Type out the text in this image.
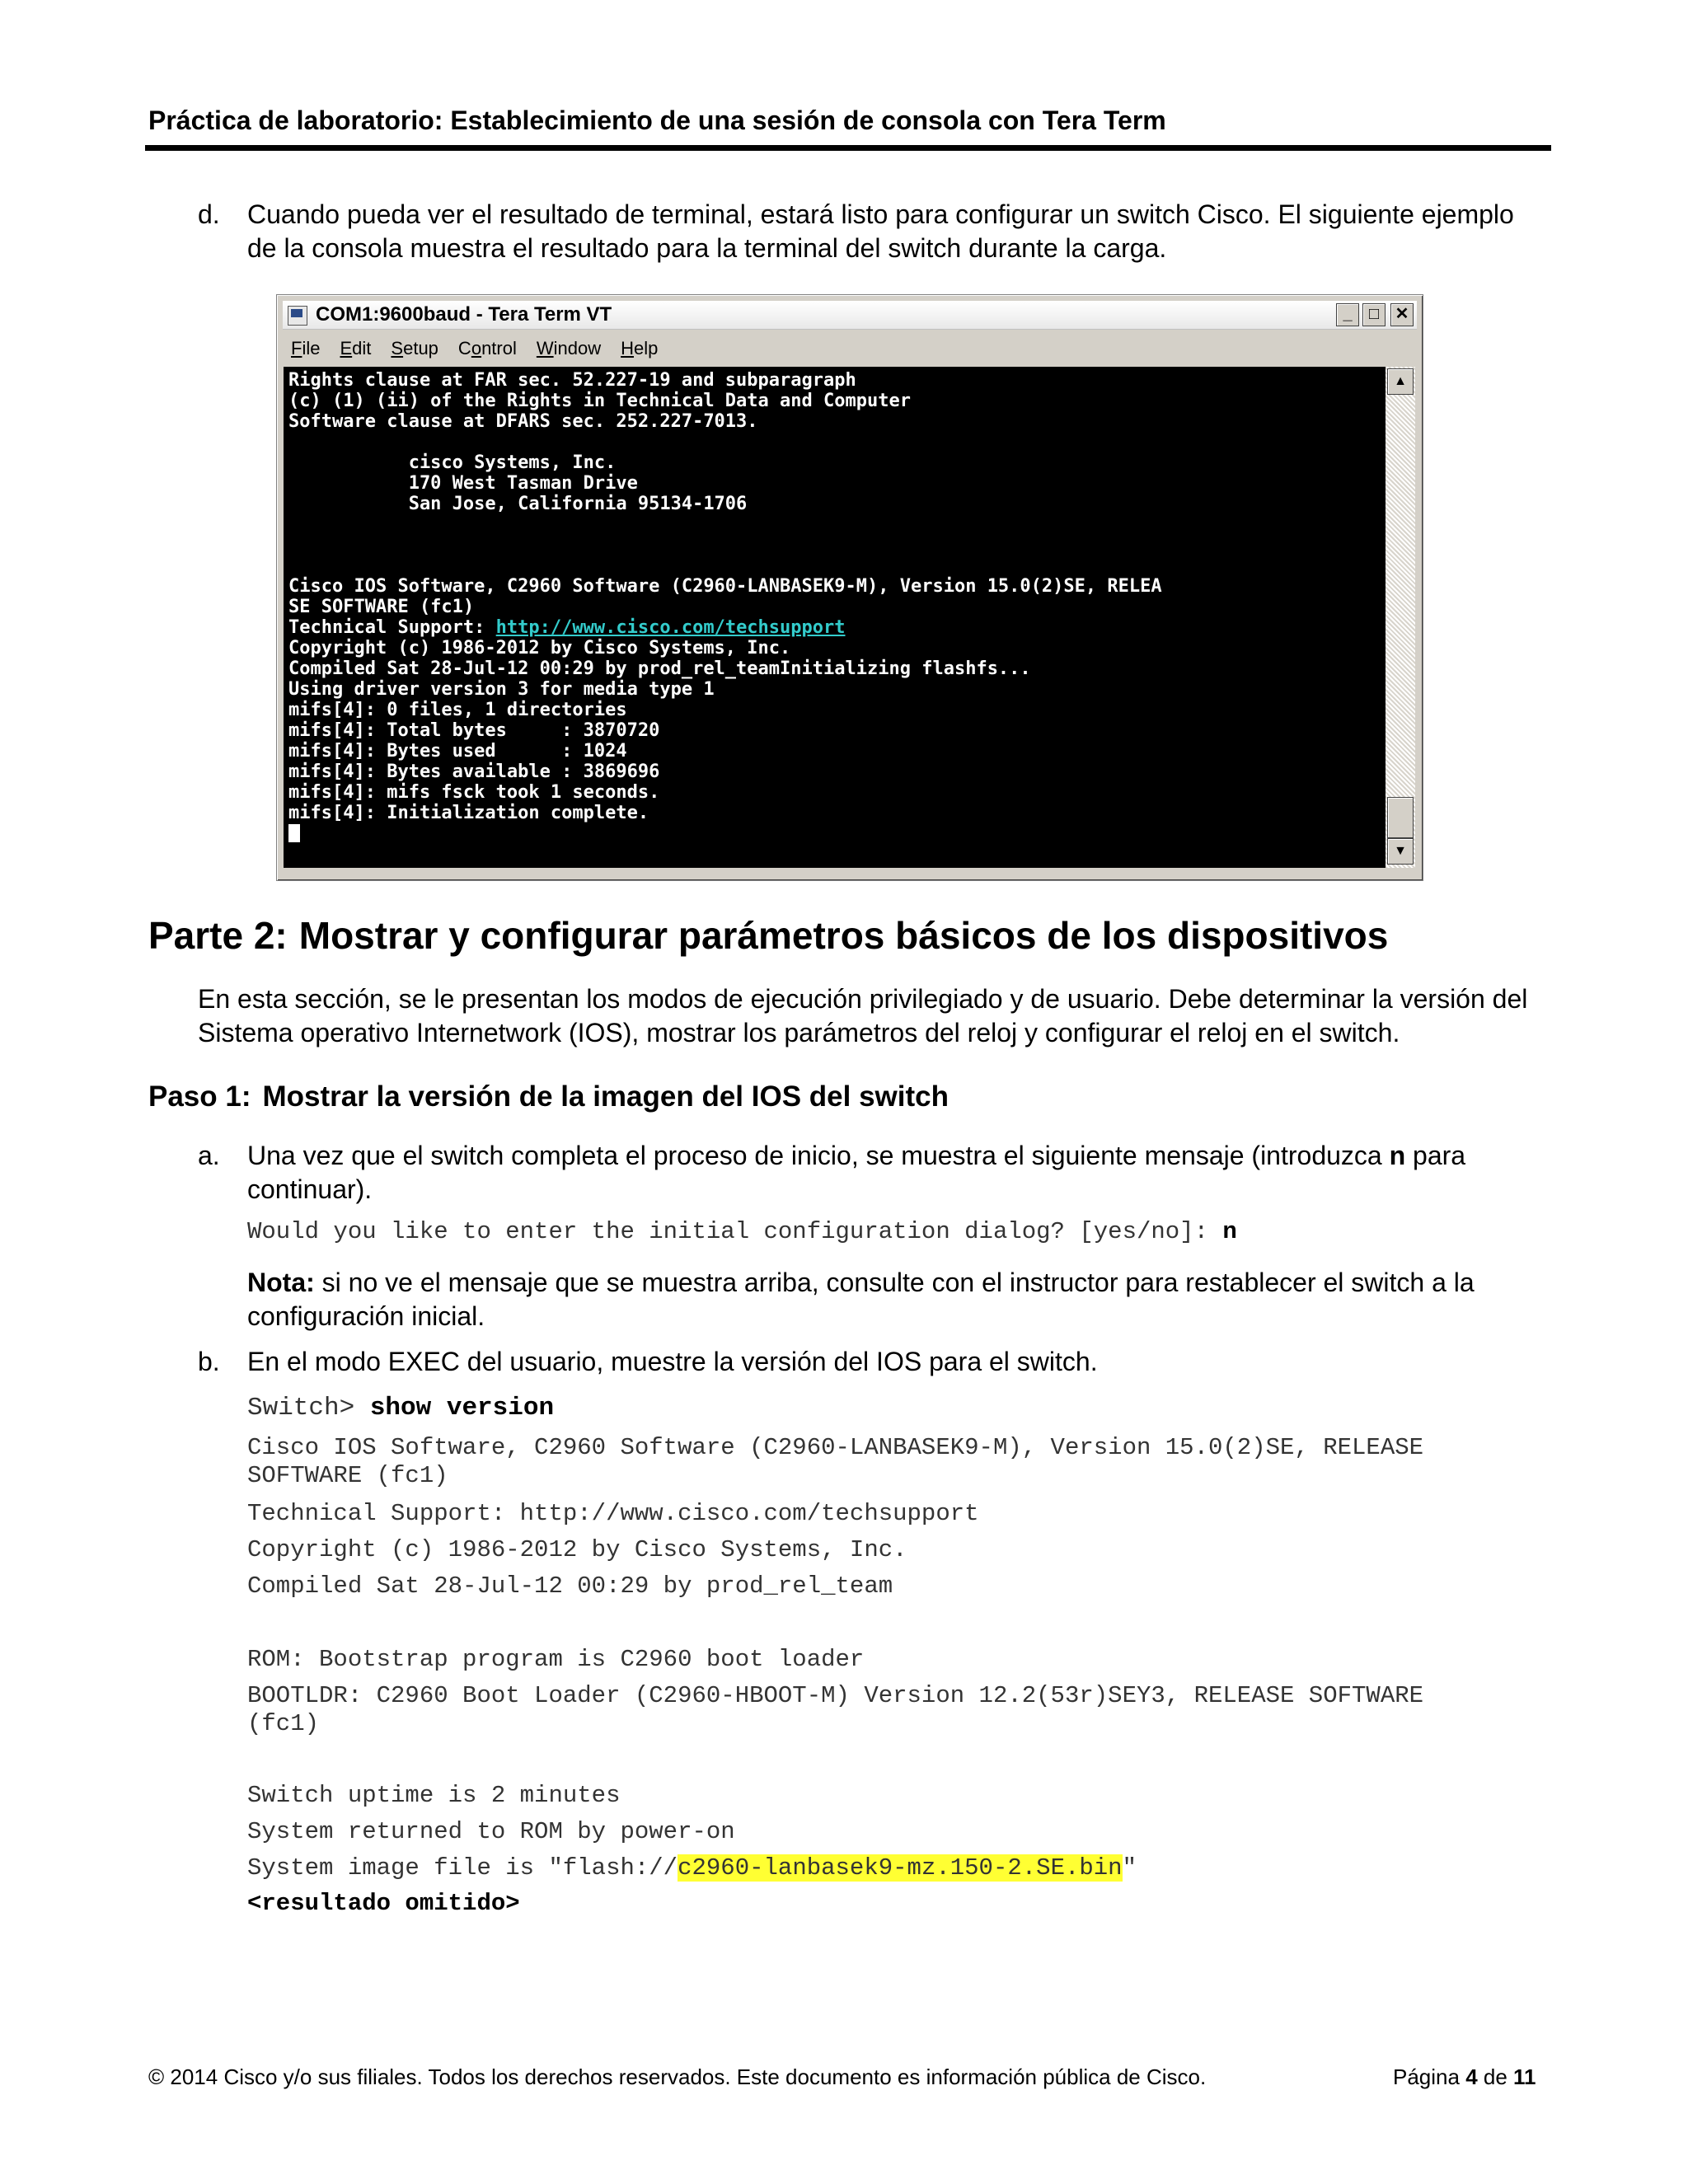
Práctica de laboratorio: Establecimiento de una sesión de consola con Tera Term
d. Cuando pueda ver el resultado de terminal, estará listo para configurar un switch Cisco. El siguiente ejemplo de la consola muestra el resultado para la terminal del switch durante la carga.
COM1:9600baud - Tera Term VT	_	□ ✕
File Edit Setup Control Window Help
Rights clause at FAR sec. 52.227-19 and subparagraph
(c) (1) (ii) of the Rights in Technical Data and Computer
Software clause at DFARS sec. 252.227-7013.

cisco Systems, Inc.
170 West Tasman Drive
San Jose, California 95134-1706

Cisco IOS Software, C2960 Software (C2960-LANBASEK9-M), Version 15.0(2)SE, RELEA
SE SOFTWARE (fc1)
Technical Support: http://www.cisco.com/techsupport
Copyright (c) 1986-2012 by Cisco Systems, Inc.
Compiled Sat 28-Jul-12 00:29 by prod_rel_teamInitializing flashfs...
Using driver version 3 for media type 1
mifs[4]: 0 files, 1 directories
mifs[4]: Total bytes     : 3870720
mifs[4]: Bytes used      : 1024
mifs[4]: Bytes available : 3869696
mifs[4]: mifs fsck took 1 seconds.
mifs[4]: Initialization complete.

▲
▼
Parte 2: Mostrar y configurar parámetros básicos de los dispositivos
En esta sección, se le presentan los modos de ejecución privilegiado y de usuario. Debe determinar la versión del Sistema operativo Internetwork (IOS), mostrar los parámetros del reloj y configurar el reloj en el switch.
Paso 1: Mostrar la versión de la imagen del IOS del switch
a. Una vez que el switch completa el proceso de inicio, se muestra el siguiente mensaje (introduzca n para continuar).
Would you like to enter the initial configuration dialog? [yes/no]: n
Nota: si no ve el mensaje que se muestra arriba, consulte con el instructor para restablecer el switch a la configuración inicial.
b. En el modo EXEC del usuario, muestre la versión del IOS para el switch.
Switch> show version
Cisco IOS Software, C2960 Software (C2960-LANBASEK9-M), Version 15.0(2)SE, RELEASE
SOFTWARE (fc1)
Technical Support: http://www.cisco.com/techsupport
Copyright (c) 1986-2012 by Cisco Systems, Inc.
Compiled Sat 28-Jul-12 00:29 by prod_rel_team
ROM: Bootstrap program is C2960 boot loader
BOOTLDR: C2960 Boot Loader (C2960-HBOOT-M) Version 12.2(53r)SEY3, RELEASE SOFTWARE
(fc1)
Switch uptime is 2 minutes
System returned to ROM by power-on
System image file is "flash://c2960-lanbasek9-mz.150-2.SE.bin"
<resultado omitido>
© 2014 Cisco y/o sus filiales. Todos los derechos reservados. Este documento es información pública de Cisco.	Página 4 de 11
